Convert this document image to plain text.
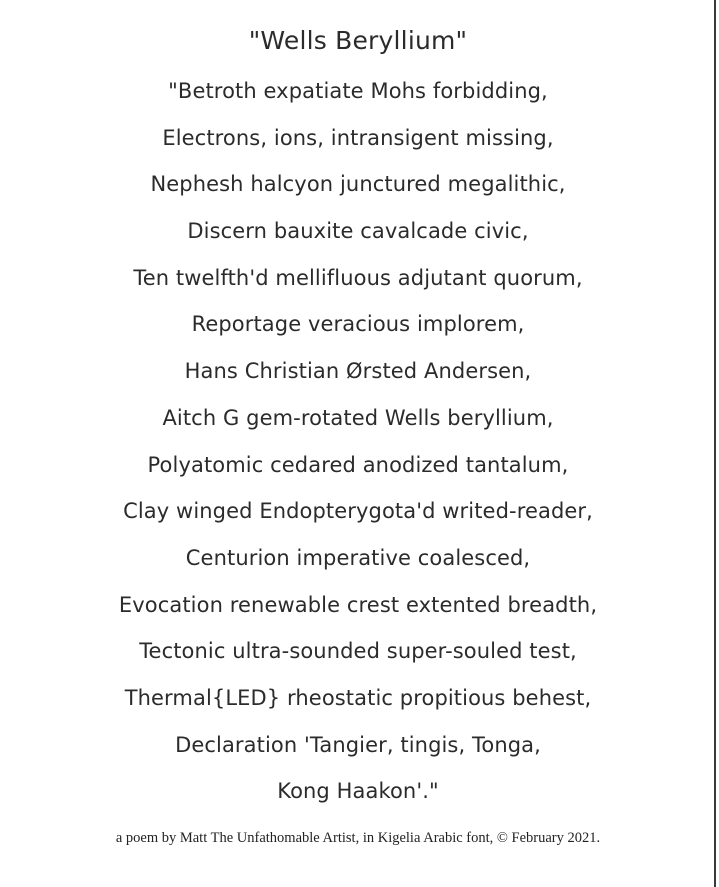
"Wells Beryllium"
"Betroth expatiate Mohs forbidding,
Electrons, ions, intransigent missing,
Nephesh halcyon junctured megalithic,
Discern bauxite cavalcade civic,
Ten twelfth'd mellifluous adjutant quorum,
Reportage veracious implorem,
Hans Christian Ørsted Andersen,
Aitch G gem-rotated Wells beryllium,
Polyatomic cedared anodized tantalum,
Clay winged Endopterygota'd writed-reader,
Centurion imperative coalesced,
Evocation renewable crest extented breadth,
Tectonic ultra-sounded super-souled test,
Thermal{LED} rheostatic propitious behest,
Declaration 'Tangier, tingis, Tonga,
Kong Haakon'."
a poem by Matt The Unfathomable Artist, in Kigelia Arabic font, © February 2021.
